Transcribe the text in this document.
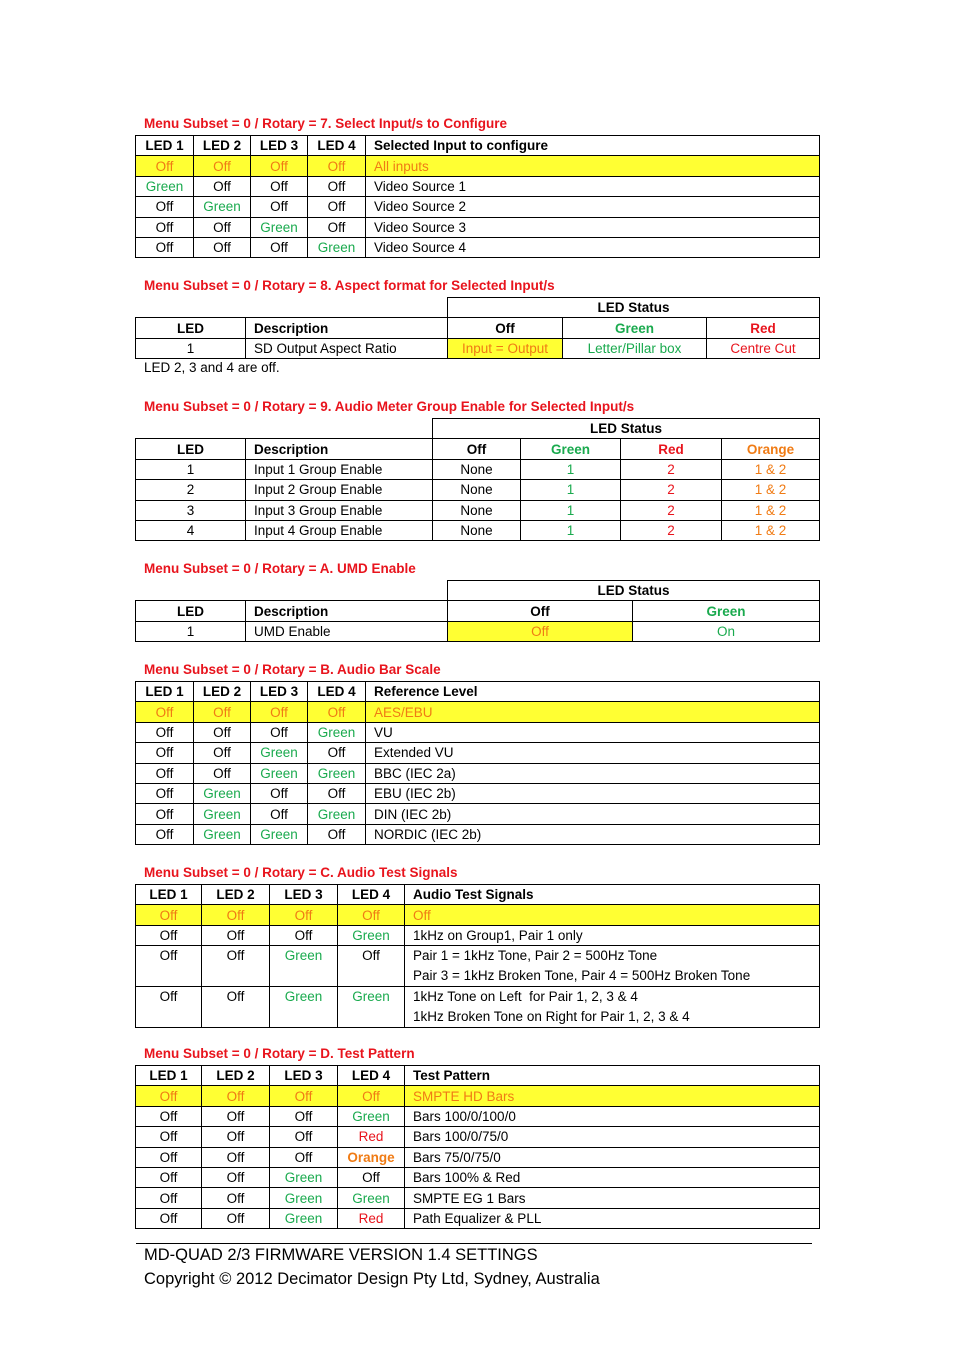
Menu Subset = 0 / Rotary = 7. Select Input/s to Configure
LED 1	LED 2	LED 3	LED 4	Selected Input to configure
Off	Off	Off	Off	All inputs
Green	Off	Off	Off	Video Source 1
Off	Green	Off	Off	Video Source 2
Off	Off	Green	Off	Video Source 3
Off	Off	Off	Green	Video Source 4
Menu Subset = 0 / Rotary = 8. Aspect format for Selected Input/s
		LED Status		
LED	Description	Off	Green	Red
1	SD Output Aspect Ratio	Input = Output	Letter/Pillar box	Centre Cut
LED 2, 3 and 4 are off.
Menu Subset = 0 / Rotary = 9. Audio Meter Group Enable for Selected Input/s
		LED Status			
LED	Description	Off	Green	Red	Orange
1	Input 1 Group Enable	None	1	2	1 & 2
2	Input 2 Group Enable	None	1	2	1 & 2
3	Input 3 Group Enable	None	1	2	1 & 2
4	Input 4 Group Enable	None	1	2	1 & 2
Menu Subset = 0 / Rotary = A. UMD Enable
		LED Status	
LED	Description	Off	Green
1	UMD Enable	Off	On
Menu Subset = 0 / Rotary = B. Audio Bar Scale
LED 1	LED 2	LED 3	LED 4	Reference Level
Off	Off	Off	Off	AES/EBU
Off	Off	Off	Green	VU
Off	Off	Green	Off	Extended VU
Off	Off	Green	Green	BBC (IEC 2a)
Off	Green	Off	Off	EBU (IEC 2b)
Off	Green	Off	Green	DIN (IEC 2b)
Off	Green	Green	Off	NORDIC (IEC 2b)
Menu Subset = 0 / Rotary = C. Audio Test Signals
LED 1	LED 2	LED 3	LED 4	Audio Test Signals
Off	Off	Off	Off	Off
Off	Off	Off	Green	1kHz on Group1, Pair 1 only
Off	Off	Green	Off	Pair 1 = 1kHz Tone, Pair 2 = 500Hz Tone
Pair 3 = 1kHz Broken Tone, Pair 4 = 500Hz Broken Tone

Off	Off	Green	Green	1kHz Tone on Left  for Pair 1, 2, 3 & 4
1kHz Broken Tone on Right for Pair 1, 2, 3 & 4
Menu Subset = 0 / Rotary = D. Test Pattern
LED 1	LED 2	LED 3	LED 4	Test Pattern
Off	Off	Off	Off	SMPTE HD Bars
Off	Off	Off	Green	Bars 100/0/100/0
Off	Off	Off	Red	Bars 100/0/75/0
Off	Off	Off	Orange	Bars 75/0/75/0
Off	Off	Green	Off	Bars 100% & Red
Off	Off	Green	Green	SMPTE EG 1 Bars
Off	Off	Green	Red	Path Equalizer & PLL
MD-QUAD 2/3 FIRMWARE VERSION 1.4 SETTINGS
Copyright © 2012 Decimator Design Pty Ltd, Sydney, Australia
